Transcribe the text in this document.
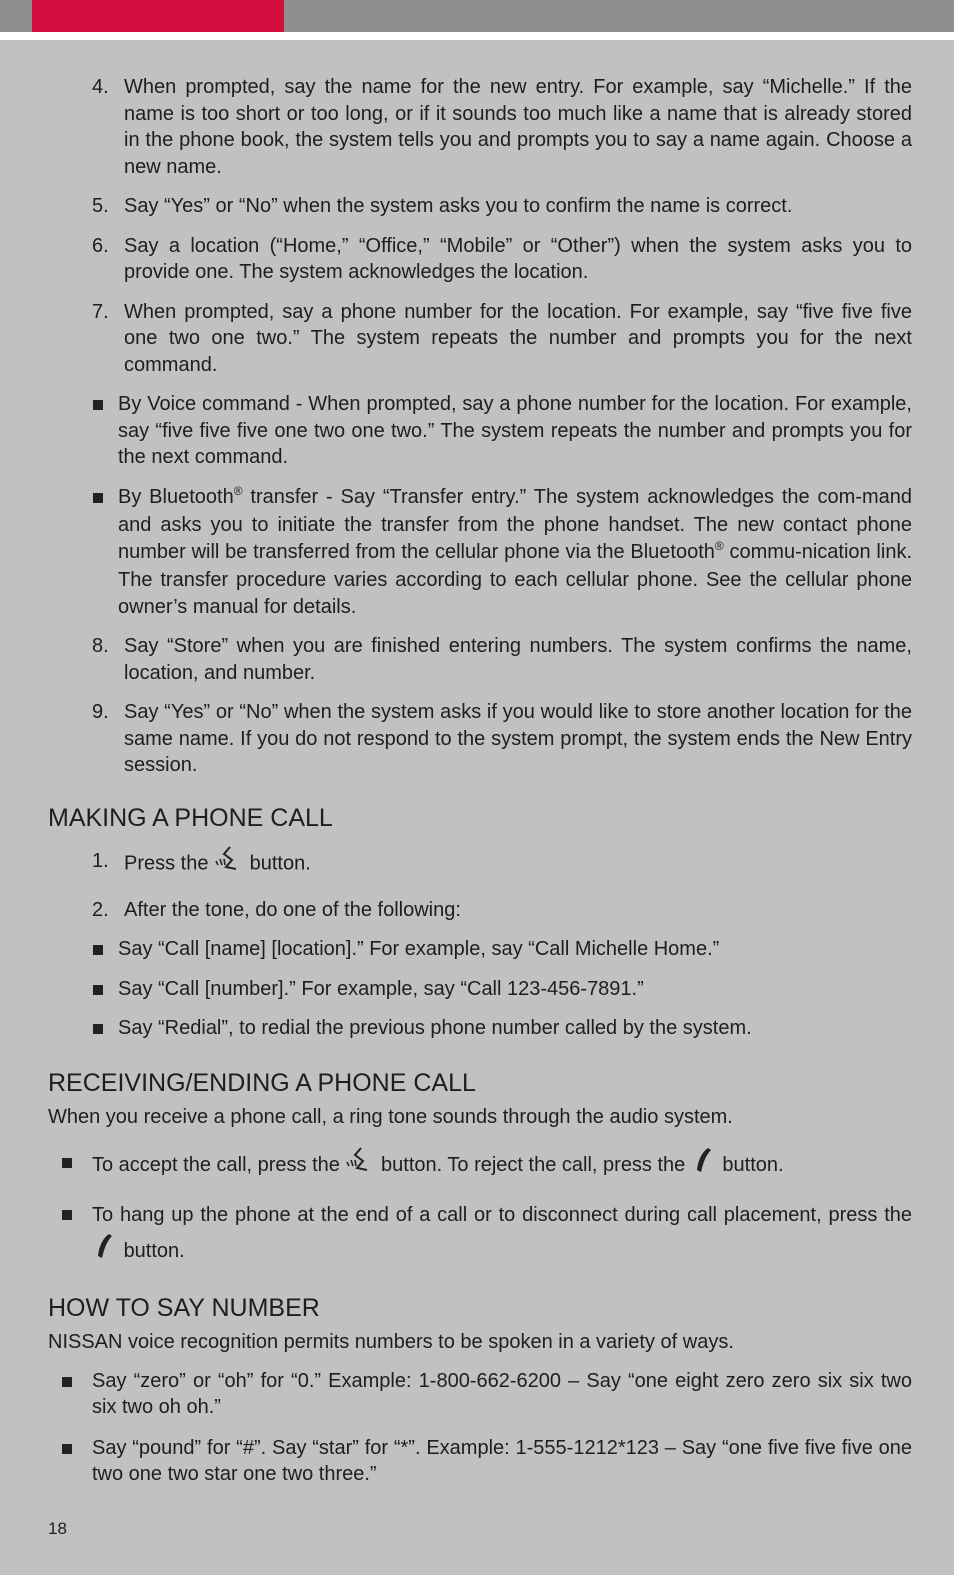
4. When prompted, say the name for the new entry. For example, say “Michelle.” If the name is too short or too long, or if it sounds too much like a name that is already stored in the phone book, the system tells you and prompts you to say a name again. Choose a new name.
5. Say “Yes” or “No” when the system asks you to confirm the name is correct.
6. Say a location (“Home,” “Office,” “Mobile” or “Other”) when the system asks you to provide one. The system acknowledges the location.
7. When prompted, say a phone number for the location. For example, say “five five five one two one two.” The system repeats the number and prompts you for the next command.
By Voice command - When prompted, say a phone number for the location. For example, say “five five five one two one two.” The system repeats the number and prompts you for the next command.
By Bluetooth® transfer - Say “Transfer entry.” The system acknowledges the com-mand and asks you to initiate the transfer from the phone handset. The new contact phone number will be transferred from the cellular phone via the Bluetooth® commu-nication link. The transfer procedure varies according to each cellular phone. See the cellular phone owner’s manual for details.
8. Say “Store” when you are finished entering numbers. The system confirms the name, location, and number.
9. Say “Yes” or “No” when the system asks if you would like to store another location for the same name. If you do not respond to the system prompt, the system ends the New Entry session.
MAKING A PHONE CALL
1. Press the button.
2. After the tone, do one of the following:
Say “Call [name] [location].” For example, say “Call Michelle Home.”
Say “Call [number].” For example, say “Call 123-456-7891.”
Say “Redial”, to redial the previous phone number called by the system.
RECEIVING/ENDING A PHONE CALL

When you receive a phone call, a ring tone sounds through the audio system.

To accept the call, press the button. To reject the call, press the button.
To hang up the phone at the end of a call or to disconnect during call placement, press the  button.
HOW TO SAY NUMBER

NISSAN voice recognition permits numbers to be spoken in a variety of ways.

Say “zero” or “oh” for “0.” Example: 1-800-662-6200 – Say “one eight zero zero six six two six two oh oh.”
Say “pound” for “#”. Say “star” for “*”. Example: 1-555-1212*123 – Say “one five five five one two one two star one two three.”
18
